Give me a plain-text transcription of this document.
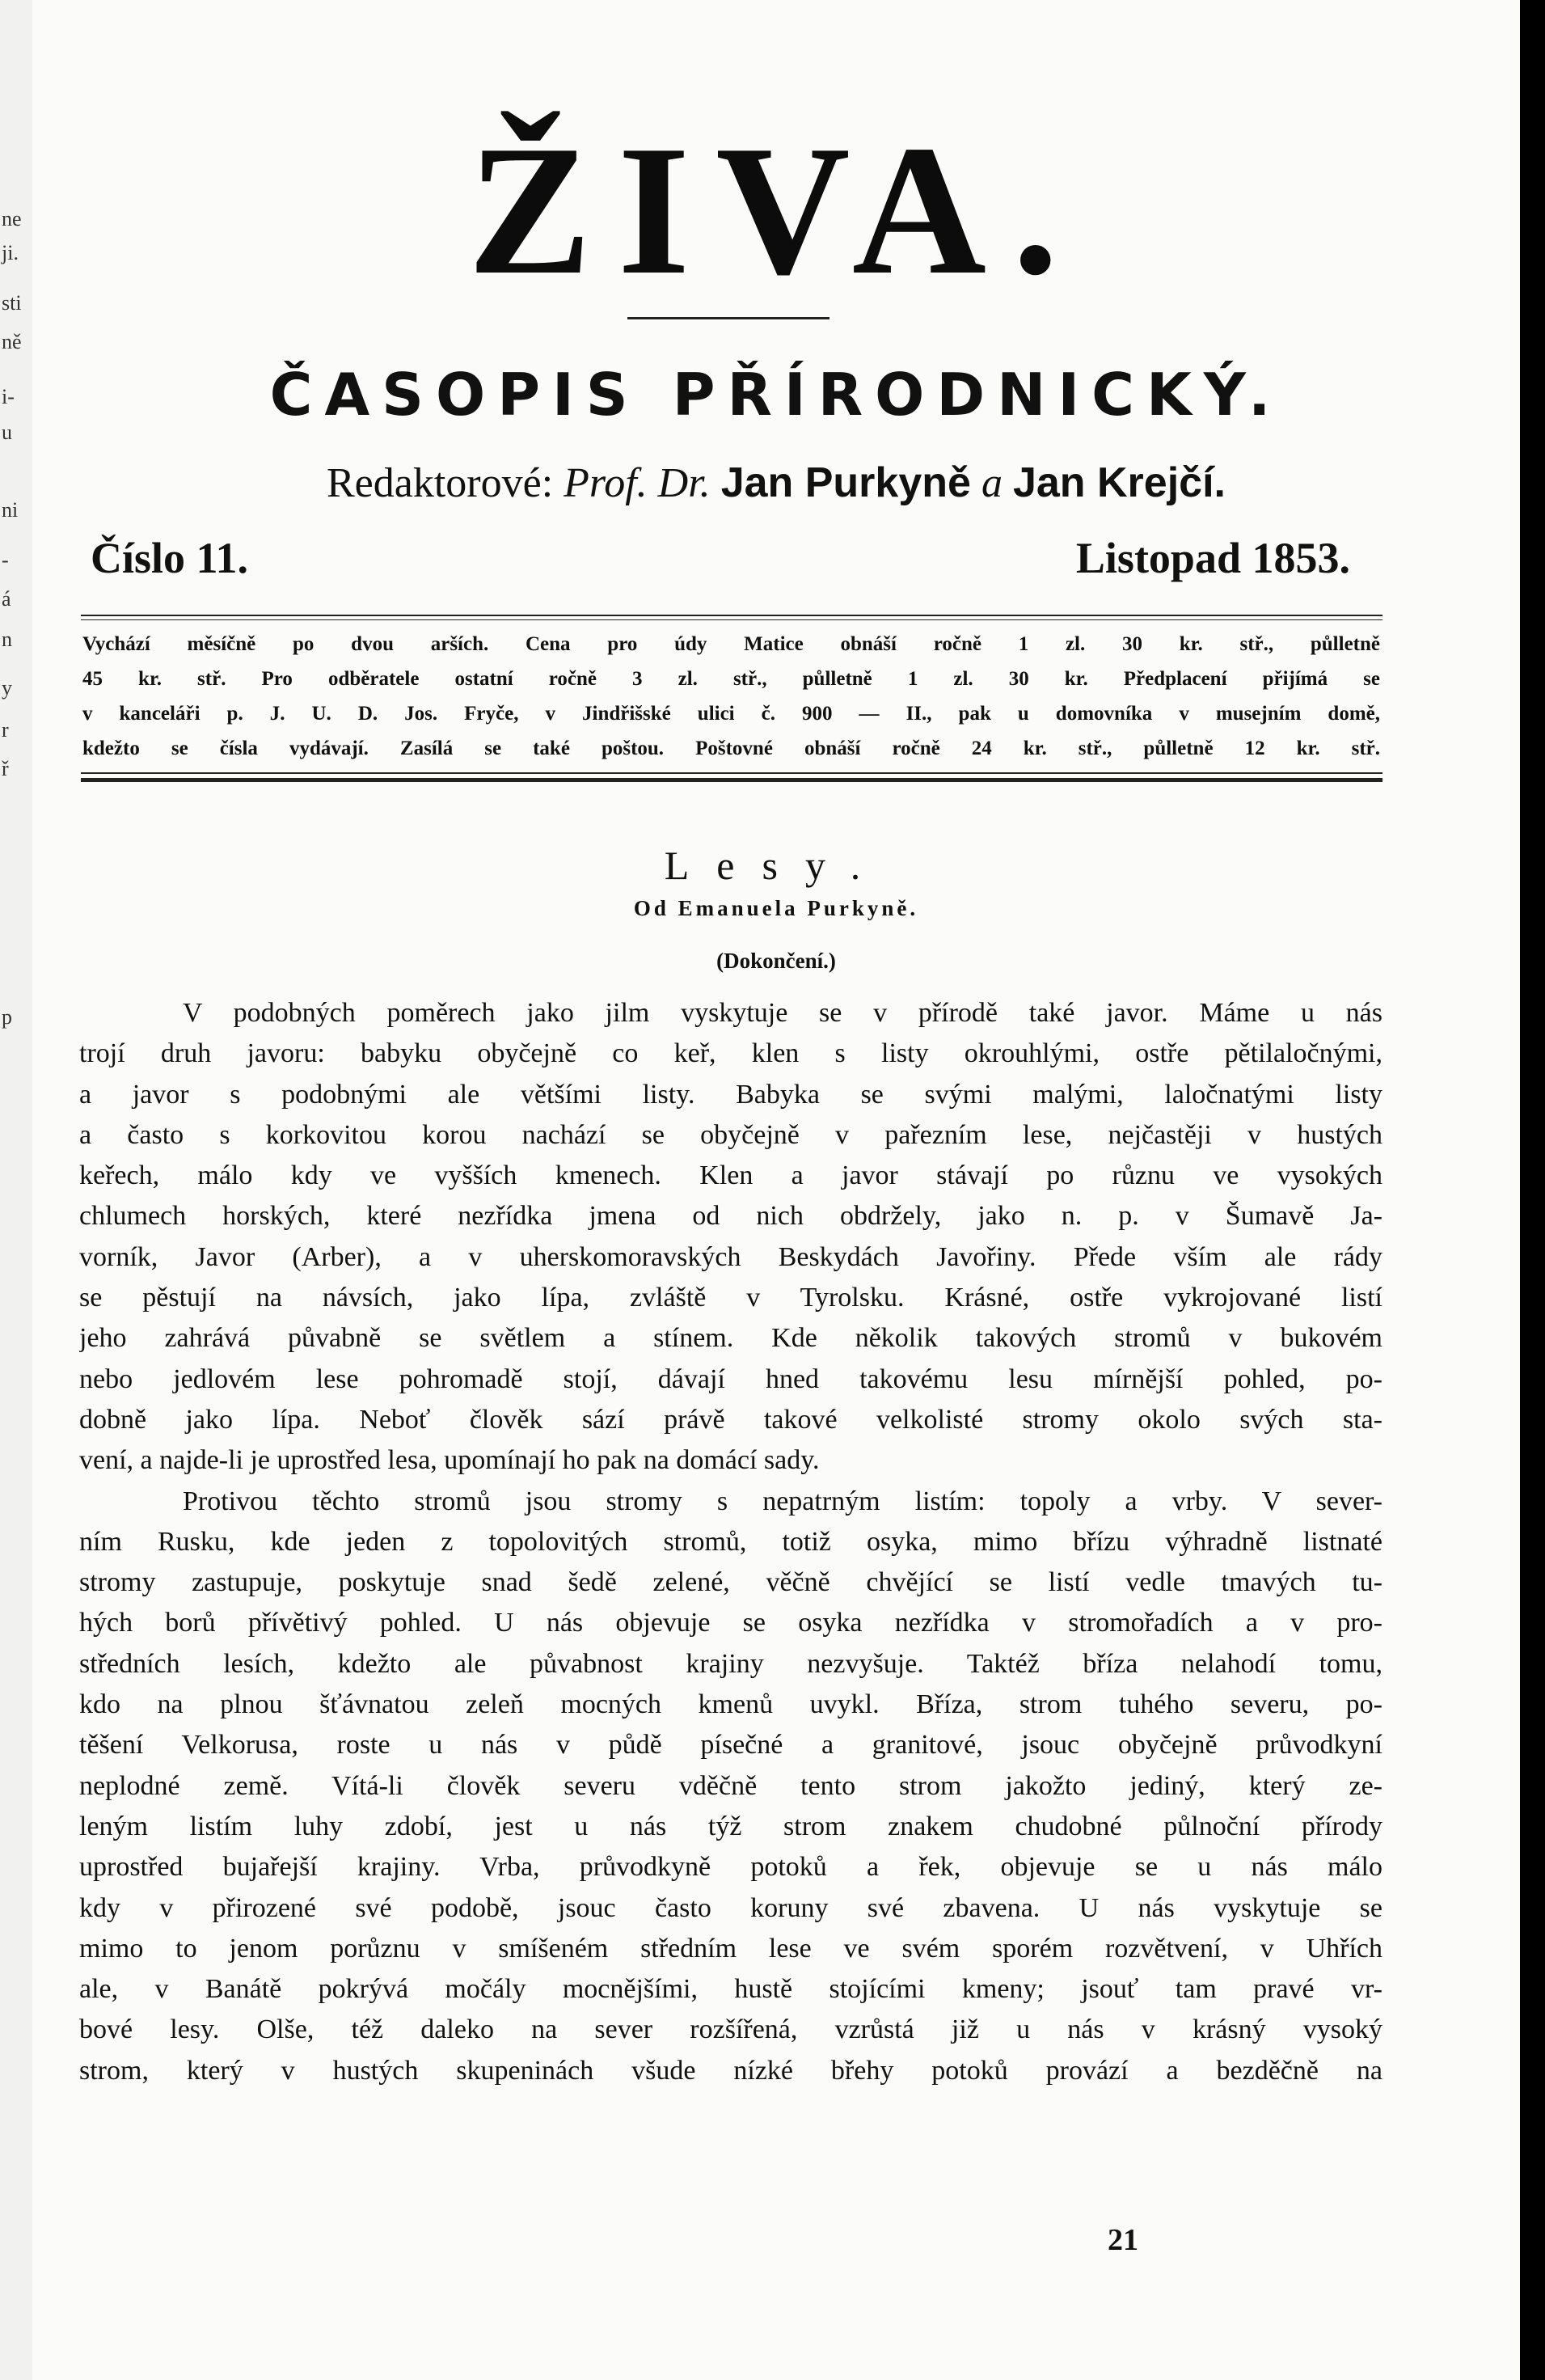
ne
ji.
sti
ně
i-
u
ni
-
á
n
y
r
ř
p
ŽIVA.
ČASOPIS PŘÍRODNICKÝ.
Redaktorové: Prof. Dr. Jan Purkyně a Jan Krejčí.
Číslo 11.	Listopad 1853.
Vychází měsíčně po dvou arších. Cena pro údy Matice obnáší ročně 1 zl. 30 kr. stř., půlletně
45 kr. stř. Pro odběratele ostatní ročně 3 zl. stř., půlletně 1 zl. 30 kr. Předplacení přijímá se
v kanceláři p. J. U. D. Jos. Fryče, v Jindřišské ulici č. 900 — II., pak u domovníka v musejním domě,
kdežto se čísla vydávají. Zasílá se také poštou. Poštovné obnáší ročně 24 kr. stř., půlletně 12 kr. stř.
Lesy.
Od Emanuela Purkyně.
(Dokončení.)
V podobných poměrech jako jilm vyskytuje se v přírodě také javor. Máme u nás
trojí druh javoru: babyku obyčejně co keř, klen s listy okrouhlými, ostře pětilaločnými,
a javor s podobnými ale většími listy. Babyka se svými malými, laločnatými listy
a často s korkovitou korou nachází se obyčejně v pařezním lese, nejčastěji v hustých
keřech, málo kdy ve vyšších kmenech. Klen a javor stávají po různu ve vysokých
chlumech horských, které nezřídka jmena od nich obdržely, jako n. p. v Šumavě Ja-
vorník, Javor (Arber), a v uherskomoravských Beskydách Javořiny. Přede vším ale rády
se pěstují na návsích, jako lípa, zvláště v Tyrolsku. Krásné, ostře vykrojované listí
jeho zahrává půvabně se světlem a stínem. Kde několik takových stromů v bukovém
nebo jedlovém lese pohromadě stojí, dávají hned takovému lesu mírnější pohled, po-
dobně jako lípa. Neboť člověk sází právě takové velkolisté stromy okolo svých sta-
vení, a najde-li je uprostřed lesa, upomínají ho pak na domácí sady.
Protivou těchto stromů jsou stromy s nepatrným listím: topoly a vrby. V sever-
ním Rusku, kde jeden z topolovitých stromů, totiž osyka, mimo břízu výhradně listnaté
stromy zastupuje, poskytuje snad šedě zelené, věčně chvějící se listí vedle tmavých tu-
hých borů přívětivý pohled. U nás objevuje se osyka nezřídka v stromořadích a v pro-
středních lesích, kdežto ale půvabnost krajiny nezvyšuje. Taktéž bříza nelahodí tomu,
kdo na plnou šťávnatou zeleň mocných kmenů uvykl. Bříza, strom tuhého severu, po-
těšení Velkorusa, roste u nás v půdě písečné a granitové, jsouc obyčejně průvodkyní
neplodné země. Vítá-li člověk severu vděčně tento strom jakožto jediný, který ze-
leným listím luhy zdobí, jest u nás týž strom znakem chudobné půlnoční přírody
uprostřed bujařejší krajiny. Vrba, průvodkyně potoků a řek, objevuje se u nás málo
kdy v přirozené své podobě, jsouc často koruny své zbavena. U nás vyskytuje se
mimo to jenom porůznu v smíšeném středním lese ve svém sporém rozvětvení, v Uhřích
ale, v Banátě pokrývá močály mocnějšími, hustě stojícími kmeny; jsouť tam pravé vr-
bové lesy. Olše, též daleko na sever rozšířená, vzrůstá již u nás v krásný vysoký
strom, který v hustých skupeninách všude nízké břehy potoků provází a bezděčně na
21
